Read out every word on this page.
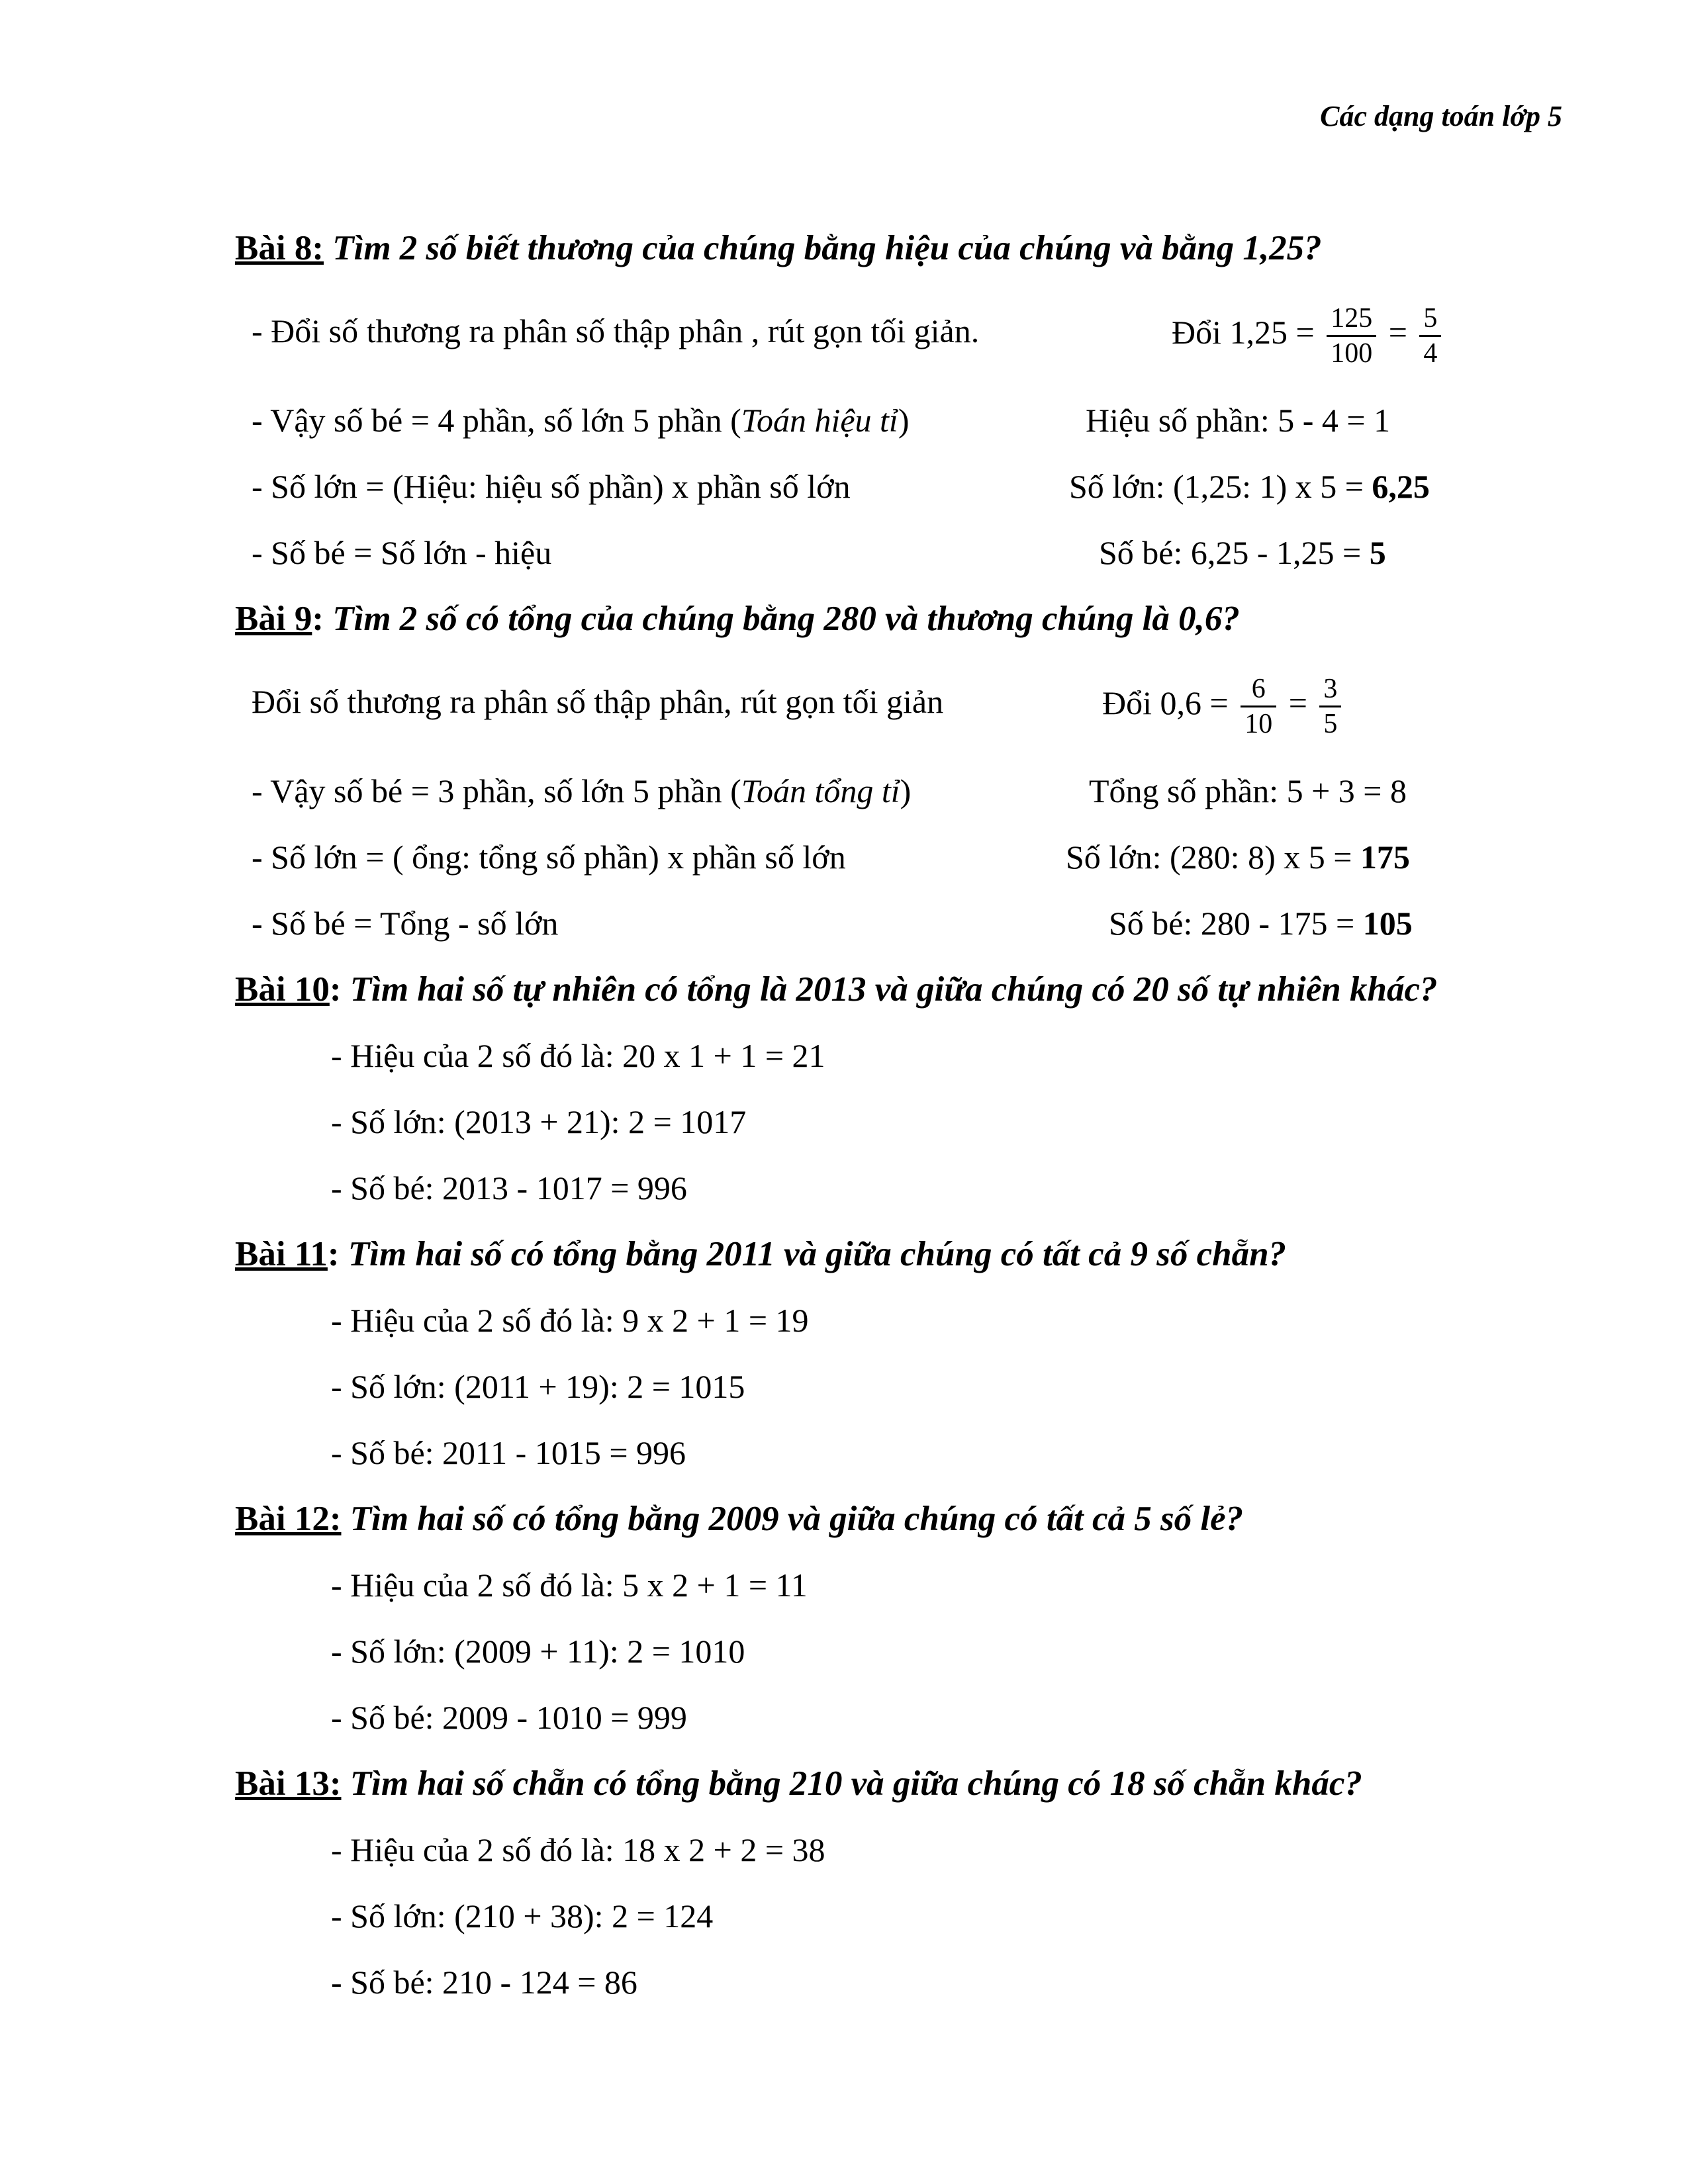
Các dạng toán lớp 5
Bài 8: Tìm 2 số biết thương của chúng bằng hiệu của chúng và bằng 1,25?
- Đổi số thương ra phân số thập phân , rút gọn tối giản.	Đổi $1,25 = \frac{125}{100} = \frac{5}{4}$
- Vậy số bé = 4 phần, số lớn 5 phần (Toán hiệu tỉ)	Hiệu số phần: 5 - 4 = 1
- Số lớn = (Hiệu: hiệu số phần) x phần số lớn	Số lớn: (1,25: 1) x 5 = 6,25
- Số bé = Số lớn - hiệu	Số bé: 6,25 - 1,25 = 5
Bài 9: Tìm 2 số có tổng của chúng bằng 280 và thương chúng là 0,6?
Đổi số thương ra phân số thập phân, rút gọn tối giản	Đổi $0,6 = \frac{6}{10} = \frac{3}{5}$
- Vậy số bé = 3 phần, số lớn 5 phần (Toán tổng tỉ)	Tổng số phần: 5 + 3 = 8
- Số lớn = ( ổng: tổng số phần) x phần số lớn	Số lớn: (280: 8) x 5 = 175
- Số bé = Tổng - số lớn	Số bé: 280 - 175 = 105
Bài 10: Tìm hai số tự nhiên có tổng là 2013 và giữa chúng có 20 số tự nhiên khác?
- Hiệu của 2 số đó là: 20 x 1 + 1 = 21
- Số lớn: (2013 + 21): 2 = 1017
- Số bé: 2013 - 1017 = 996
Bài 11: Tìm hai số có tổng bằng 2011 và giữa chúng có tất cả 9 số chẵn?
- Hiệu của 2 số đó là: 9 x 2 + 1 = 19
- Số lớn: (2011 + 19): 2 = 1015
- Số bé: 2011 - 1015 = 996
Bài 12: Tìm hai số có tổng bằng 2009 và giữa chúng có tất cả 5 số lẻ?
- Hiệu của 2 số đó là: 5 x 2 + 1 = 11
- Số lớn: (2009 + 11): 2 = 1010
- Số bé: 2009 - 1010 = 999
Bài 13: Tìm hai số chẵn có tổng bằng 210 và giữa chúng có 18 số chẵn khác?
- Hiệu của 2 số đó là: 18 x 2 + 2 = 38
- Số lớn: (210 + 38): 2 = 124
- Số bé: 210 - 124 = 86
